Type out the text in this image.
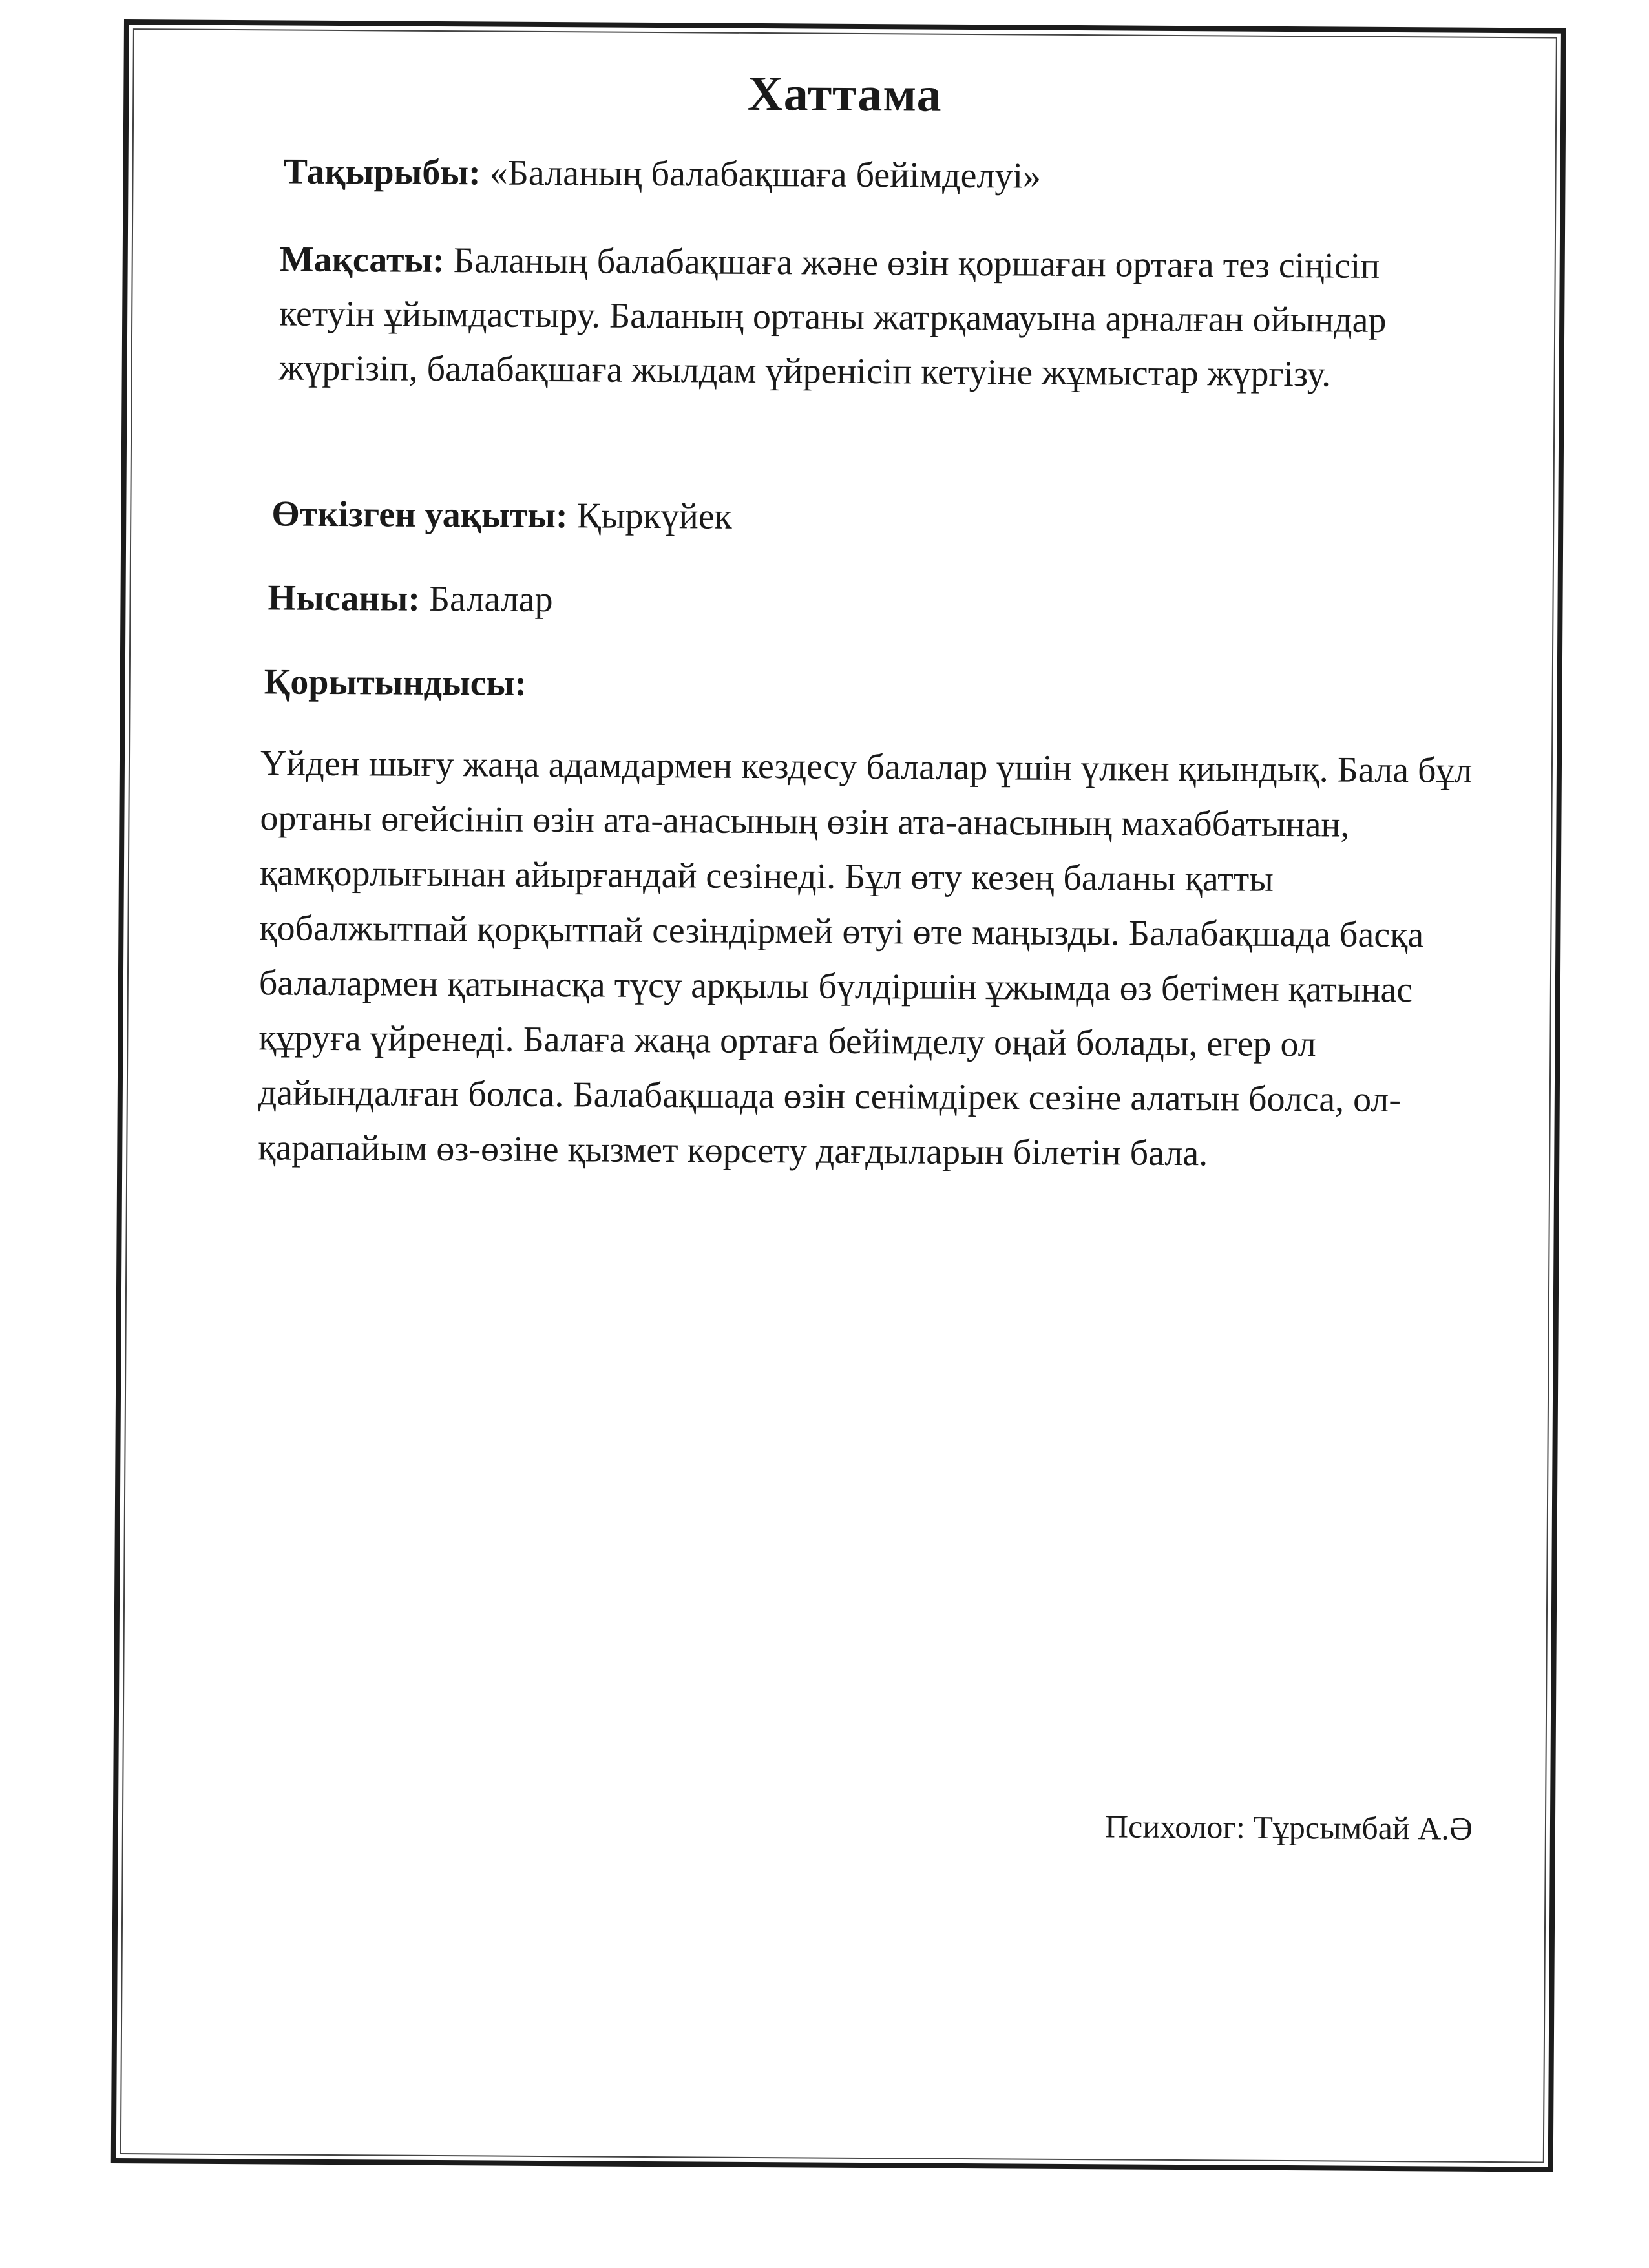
Хаттама
Тақырыбы: «Баланың балабақшаға бейімделуі»
Мақсаты: Баланың балабақшаға және өзін қоршаған ортаға тез сіңісіп кетуін ұйымдастыру. Баланың ортаны жатрқамауына арналған ойындар жүргізіп, балабақшаға жылдам үйреніcіп кетуіне жұмыстар жүргізу.
Өткізген уақыты: Қыркүйек
Нысаны: Балалар
Қорытындысы:
Үйден шығу жаңа адамдармен кездесу балалар үшін үлкен қиындық. Бала бұл ортаны өгейсініп өзін ата-анасының өзін ата-анасының махаббатынан, қамқорлығынан айырғандай сезінеді. Бұл өту кезең баланы қатты қобалжытпай қорқытпай сезіндірмей өтуі өте маңызды. Балабақшада басқа балалармен қатынасқа түсу арқылы бүлдіршін ұжымда өз бетімен қатынас құруға үйренеді. Балаға жаңа ортаға бейімделу оңай болады, егер ол дайындалған болса. Балабақшада өзін сенімдірек сезіне алатын болса, ол-қарапайым өз-өзіне қызмет көрсету дағдыларын білетін бала.
Психолог: Тұрсымбай А.Ә
